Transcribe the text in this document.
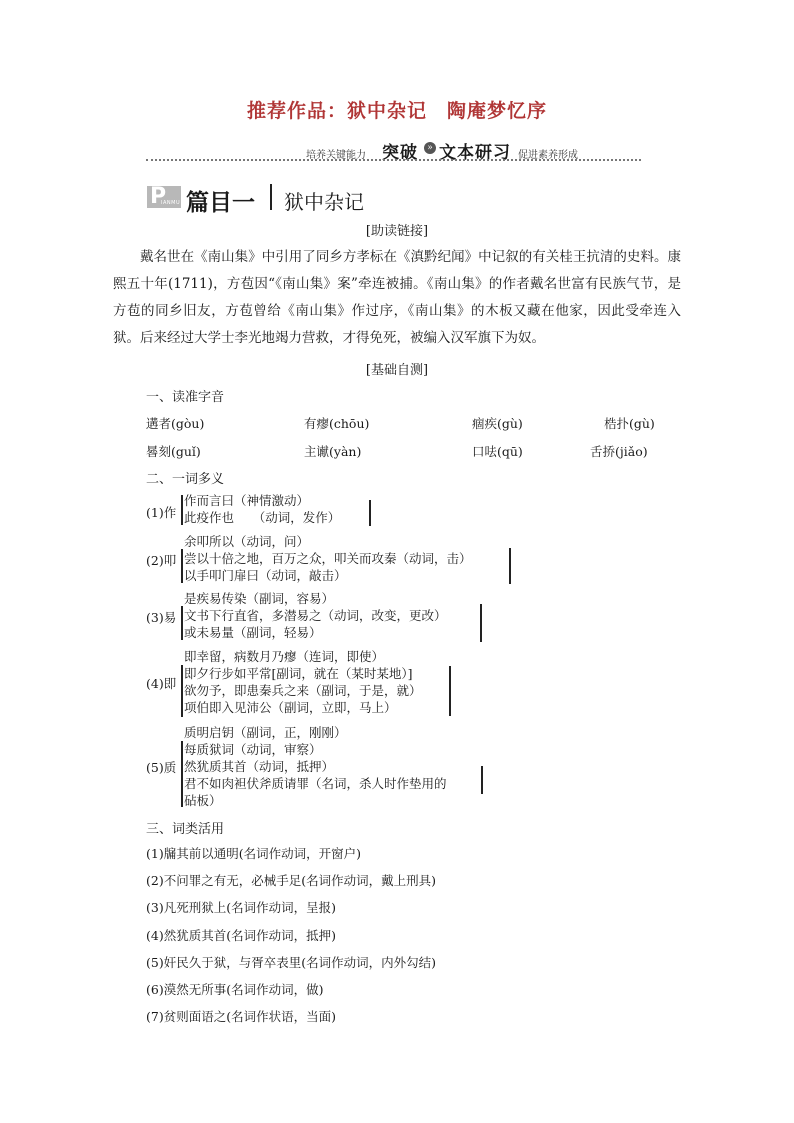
推荐作品：狱中杂记　陶庵梦忆序
培养关键能力 突破	» 文本研习 促进素养形成
P
IANMU 篇目一 狱中杂记
[助读链接]

戴名世在《南山集》中引用了同乡方孝标在《滇黔纪闻》中记叙的有关桂王抗清的史料。康熙五十年(1711)，方苞因“《南山集》案”牵连被捕。《南山集》的作者戴名世富有民族气节，是方苞的同乡旧友，方苞曾给《南山集》作过序，《南山集》的木板又藏在他家，因此受牵连入狱。后来经过大学士李光地竭力营救，才得免死，被编入汉军旗下为奴。

[基础自测]
一、读准字音
遘者(gòu)	有瘳(chōu)	痼疾(gù)	梏扑(gù)
晷刻(guǐ)	主谳(yàn)	口呿(qū)	舌挢(jiǎo)
二、一词多义
(1)作
作而言曰（神情激动）
此疫作也　　（动词，发作）
(2)叩
余叩所以（动词，问）
尝以十倍之地，百万之众，叩关而攻秦（动词，击）
以手叩门扉曰（动词，敲击）
(3)易
是疾易传染（副词，容易）
文书下行直省，多潜易之（动词，改变，更改）
或未易量（副词，轻易）
(4)即
即幸留，病数月乃瘳（连词，即使）
即夕行步如平常[副词，就在（某时某地）]
欲勿予，即患秦兵之来（副词，于是，就）
项伯即入见沛公（副词，立即，马上）
(5)质
质明启钥（副词，正，刚刚）
每质狱词（动词，审察）
然犹质其首（动词，抵押）
君不如肉袒伏斧质请罪（名词，杀人时作垫用的
砧板）
三、词类活用
(1)牖其前以通明(名词作动词，开窗户)
(2)不问罪之有无，必械手足(名词作动词，戴上刑具)
(3)凡死刑狱上(名词作动词，呈报)
(4)然犹质其首(名词作动词，抵押)
(5)奸民久于狱，与胥卒表里(名词作动词，内外勾结)
(6)漠然无所事(名词作动词，做)
(7)贫则面语之(名词作状语，当面)
